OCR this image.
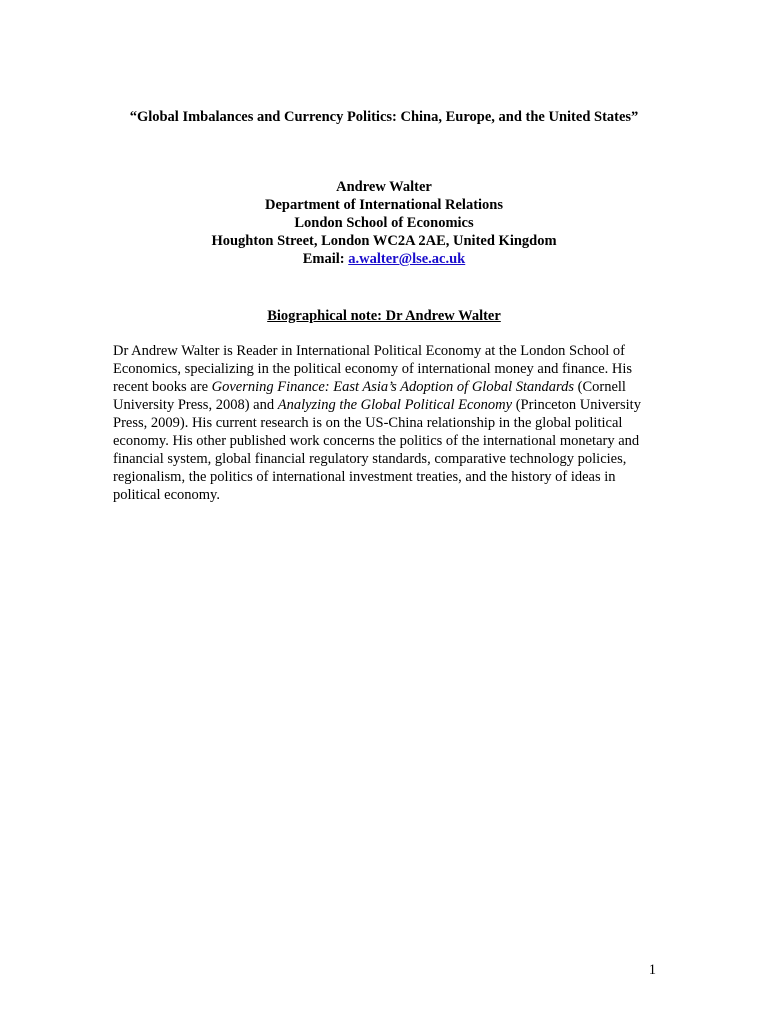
“Global Imbalances and Currency Politics: China, Europe, and the United States”

Andrew Walter
Department of International Relations
London School of Economics
Houghton Street, London WC2A 2AE, United Kingdom
Email: a.walter@lse.ac.uk
Biographical note: Dr Andrew Walter

Dr Andrew Walter is Reader in International Political Economy at the London School of Economics, specializing in the political economy of international money and finance. His recent books are Governing Finance: East Asia’s Adoption of Global Standards (Cornell University Press, 2008) and Analyzing the Global Political Economy (Princeton University Press, 2009). His current research is on the US-China relationship in the global political economy. His other published work concerns the politics of the international monetary and financial system, global financial regulatory standards, comparative technology policies, regionalism, the politics of international investment treaties, and the history of ideas in political economy.

1
